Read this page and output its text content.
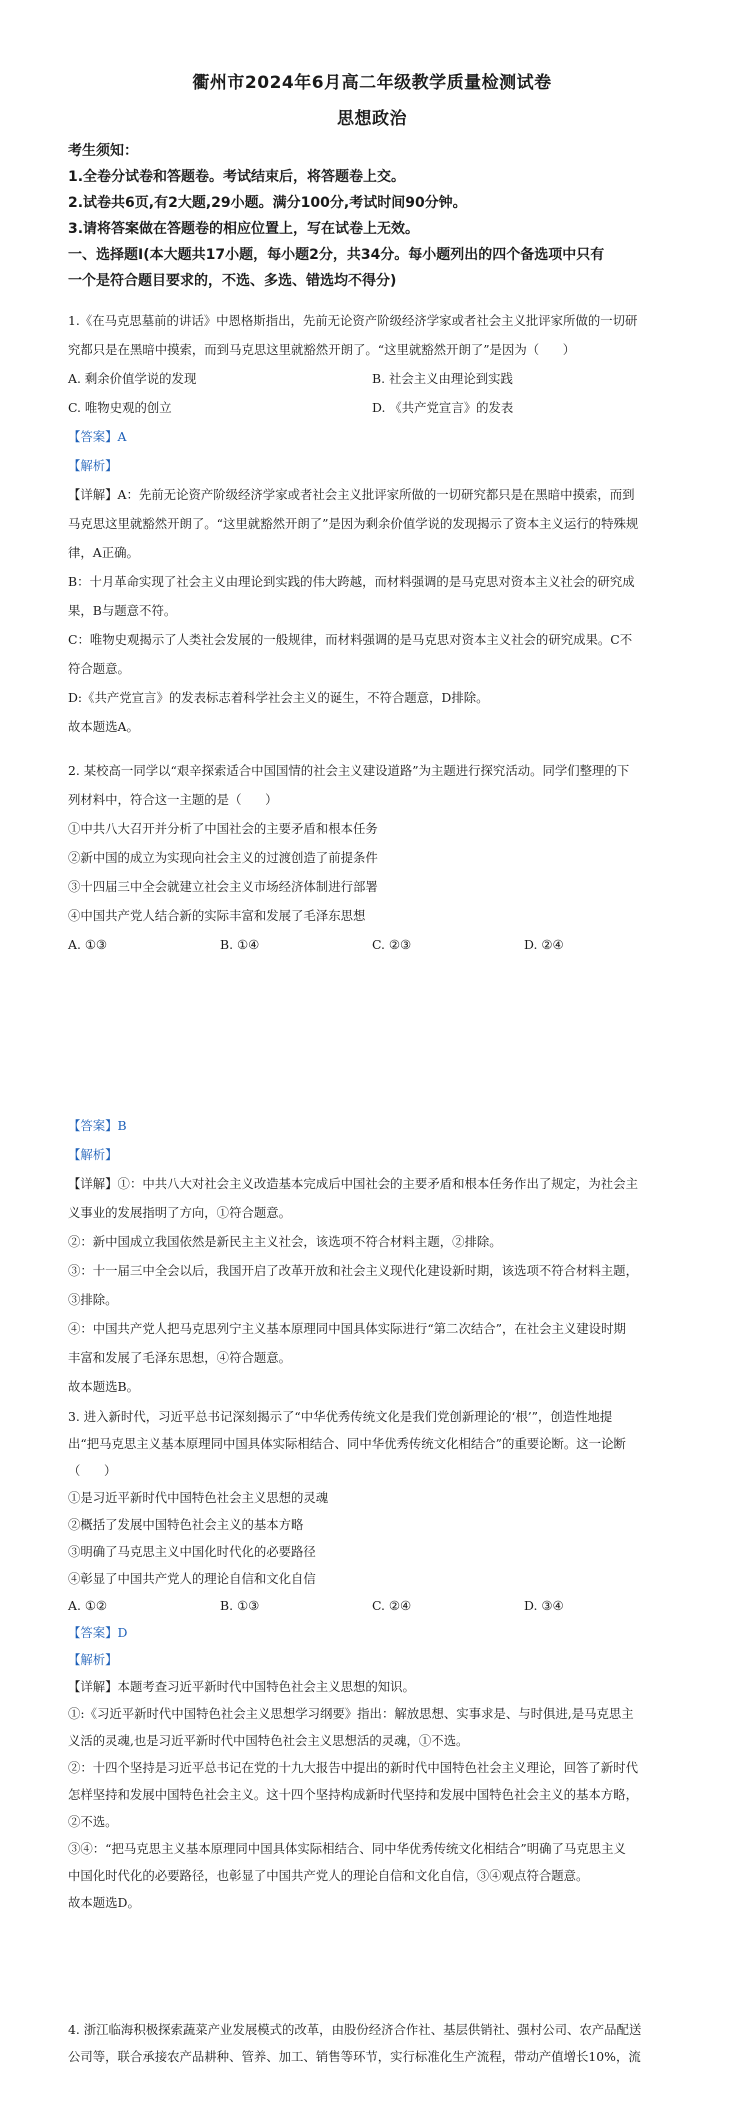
衢州市2024年6月高二年级教学质量检测试卷
思想政治
考生须知：
1.全卷分试卷和答题卷。考试结束后，将答题卷上交。
2.试卷共6页,有2大题,29小题。满分100分,考试时间90分钟。
3.请将答案做在答题卷的相应位置上，写在试卷上无效。
一、选择题Ⅰ(本大题共17小题，每小题2分，共34分。每小题列出的四个备选项中只有
一个是符合题目要求的，不选、多选、错选均不得分)
1.《在马克思墓前的讲话》中恩格斯指出，先前无论资产阶级经济学家或者社会主义批评家所做的一切研
究都只是在黑暗中摸索，而到马克思这里就豁然开朗了。“这里就豁然开朗了”是因为（      ）
A. 剩余价值学说的发现	B. 社会主义由理论到实践
C. 唯物史观的创立	D. 《共产党宣言》的发表
【答案】A
【解析】
【详解】A：先前无论资产阶级经济学家或者社会主义批评家所做的一切研究都只是在黑暗中摸索，而到
马克思这里就豁然开朗了。“这里就豁然开朗了”是因为剩余价值学说的发现揭示了资本主义运行的特殊规
律，A正确。
B：十月革命实现了社会主义由理论到实践的伟大跨越，而材料强调的是马克思对资本主义社会的研究成
果，B与题意不符。
C：唯物史观揭示了人类社会发展的一般规律，而材料强调的是马克思对资本主义社会的研究成果。C不
符合题意。
D:《共产党宣言》的发表标志着科学社会主义的诞生，不符合题意，D排除。
故本题选A。
2. 某校高一同学以“艰辛探索适合中国国情的社会主义建设道路”为主题进行探究活动。同学们整理的下
列材料中，符合这一主题的是（      ）
①中共八大召开并分析了中国社会的主要矛盾和根本任务
②新中国的成立为实现向社会主义的过渡创造了前提条件
③十四届三中全会就建立社会主义市场经济体制进行部署
④中国共产党人结合新的实际丰富和发展了毛泽东思想
A. ①③	B. ①④	C. ②③	D. ②④
【答案】B
【解析】
【详解】①：中共八大对社会主义改造基本完成后中国社会的主要矛盾和根本任务作出了规定，为社会主
义事业的发展指明了方向，①符合题意。
②：新中国成立我国依然是新民主主义社会，该选项不符合材料主题，②排除。
③：十一届三中全会以后，我国开启了改革开放和社会主义现代化建设新时期，该选项不符合材料主题，
③排除。
④：中国共产党人把马克思列宁主义基本原理同中国具体实际进行“第二次结合”，在社会主义建设时期
丰富和发展了毛泽东思想，④符合题意。
故本题选B。
3. 进入新时代，习近平总书记深刻揭示了“中华优秀传统文化是我们党创新理论的‘根’”，创造性地提
出“把马克思主义基本原理同中国具体实际相结合、同中华优秀传统文化相结合”的重要论断。这一论断
（      ）
①是习近平新时代中国特色社会主义思想的灵魂
②概括了发展中国特色社会主义的基本方略
③明确了马克思主义中国化时代化的必要路径
④彰显了中国共产党人的理论自信和文化自信
A. ①②	B. ①③	C. ②④	D. ③④
【答案】D
【解析】
【详解】本题考查习近平新时代中国特色社会主义思想的知识。
①:《习近平新时代中国特色社会主义思想学习纲要》指出：解放思想、实事求是、与时俱进,是马克思主
义活的灵魂,也是习近平新时代中国特色社会主义思想活的灵魂，①不选。
②：十四个坚持是习近平总书记在党的十九大报告中提出的新时代中国特色社会主义理论，回答了新时代
怎样坚持和发展中国特色社会主义。这十四个坚持构成新时代坚持和发展中国特色社会主义的基本方略，
②不选。
③④：“把马克思主义基本原理同中国具体实际相结合、同中华优秀传统文化相结合”明确了马克思主义
中国化时代化的必要路径，也彰显了中国共产党人的理论自信和文化自信，③④观点符合题意。
故本题选D。
4. 浙江临海积极探索蔬菜产业发展模式的改革，由股份经济合作社、基层供销社、强村公司、农产品配送
公司等，联合承接农产品耕种、管养、加工、销售等环节，实行标准化生产流程，带动产值增长10%，流
